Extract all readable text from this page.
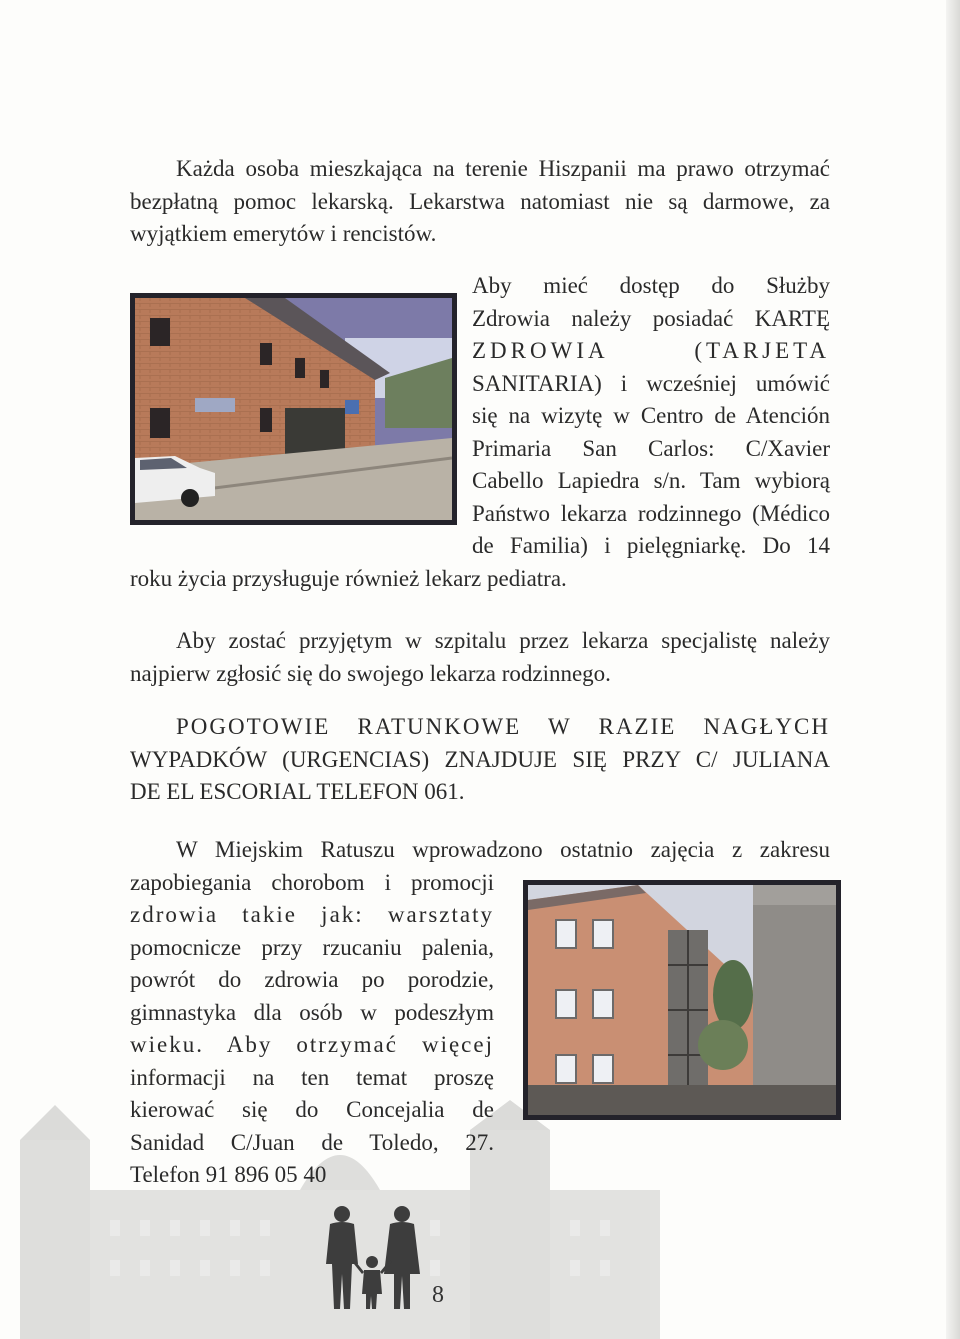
Każda osoba mieszkająca na terenie Hiszpanii ma prawo otrzymać
bezpłatną pomoc lekarską. Lekarstwa natomiast nie są darmowe, za
wyjątkiem emerytów i rencistów.
Aby mieć dostęp do Służby
Zdrowia należy posiadać KARTĘ
ZDROWIA (TARJETA
SANITARIA) i wcześniej umówić
się na wizytę w Centro de Atención
Primaria San Carlos: C/Xavier
Cabello Lapiedra s/n. Tam wybiorą
Państwo lekarza rodzinnego (Médico
de Familia) i pielęgniarkę. Do 14
roku życia przysługuje również lekarz pediatra.
Aby zostać przyjętym w szpitalu przez lekarza specjalistę należy
najpierw zgłosić się do swojego lekarza rodzinnego.
POGOTOWIE RATUNKOWE W RAZIE NAGŁYCH
WYPADKÓW (URGENCIAS) ZNAJDUJE SIĘ PRZY C/ JULIANA
DE EL ESCORIAL TELEFON 061.
W Miejskim Ratuszu wprowadzono ostatnio zajęcia z zakresu
zapobiegania chorobom i promocji
zdrowia takie jak: warsztaty
pomocnicze przy rzucaniu palenia,
powrót do zdrowia po porodzie,
gimnastyka dla osób w podeszłym
wieku. Aby otrzymać więcej
informacji na ten temat proszę
kierować się do Concejalia de
Sanidad C/Juan de Toledo, 27.
Telefon 91 896 05 40
8
